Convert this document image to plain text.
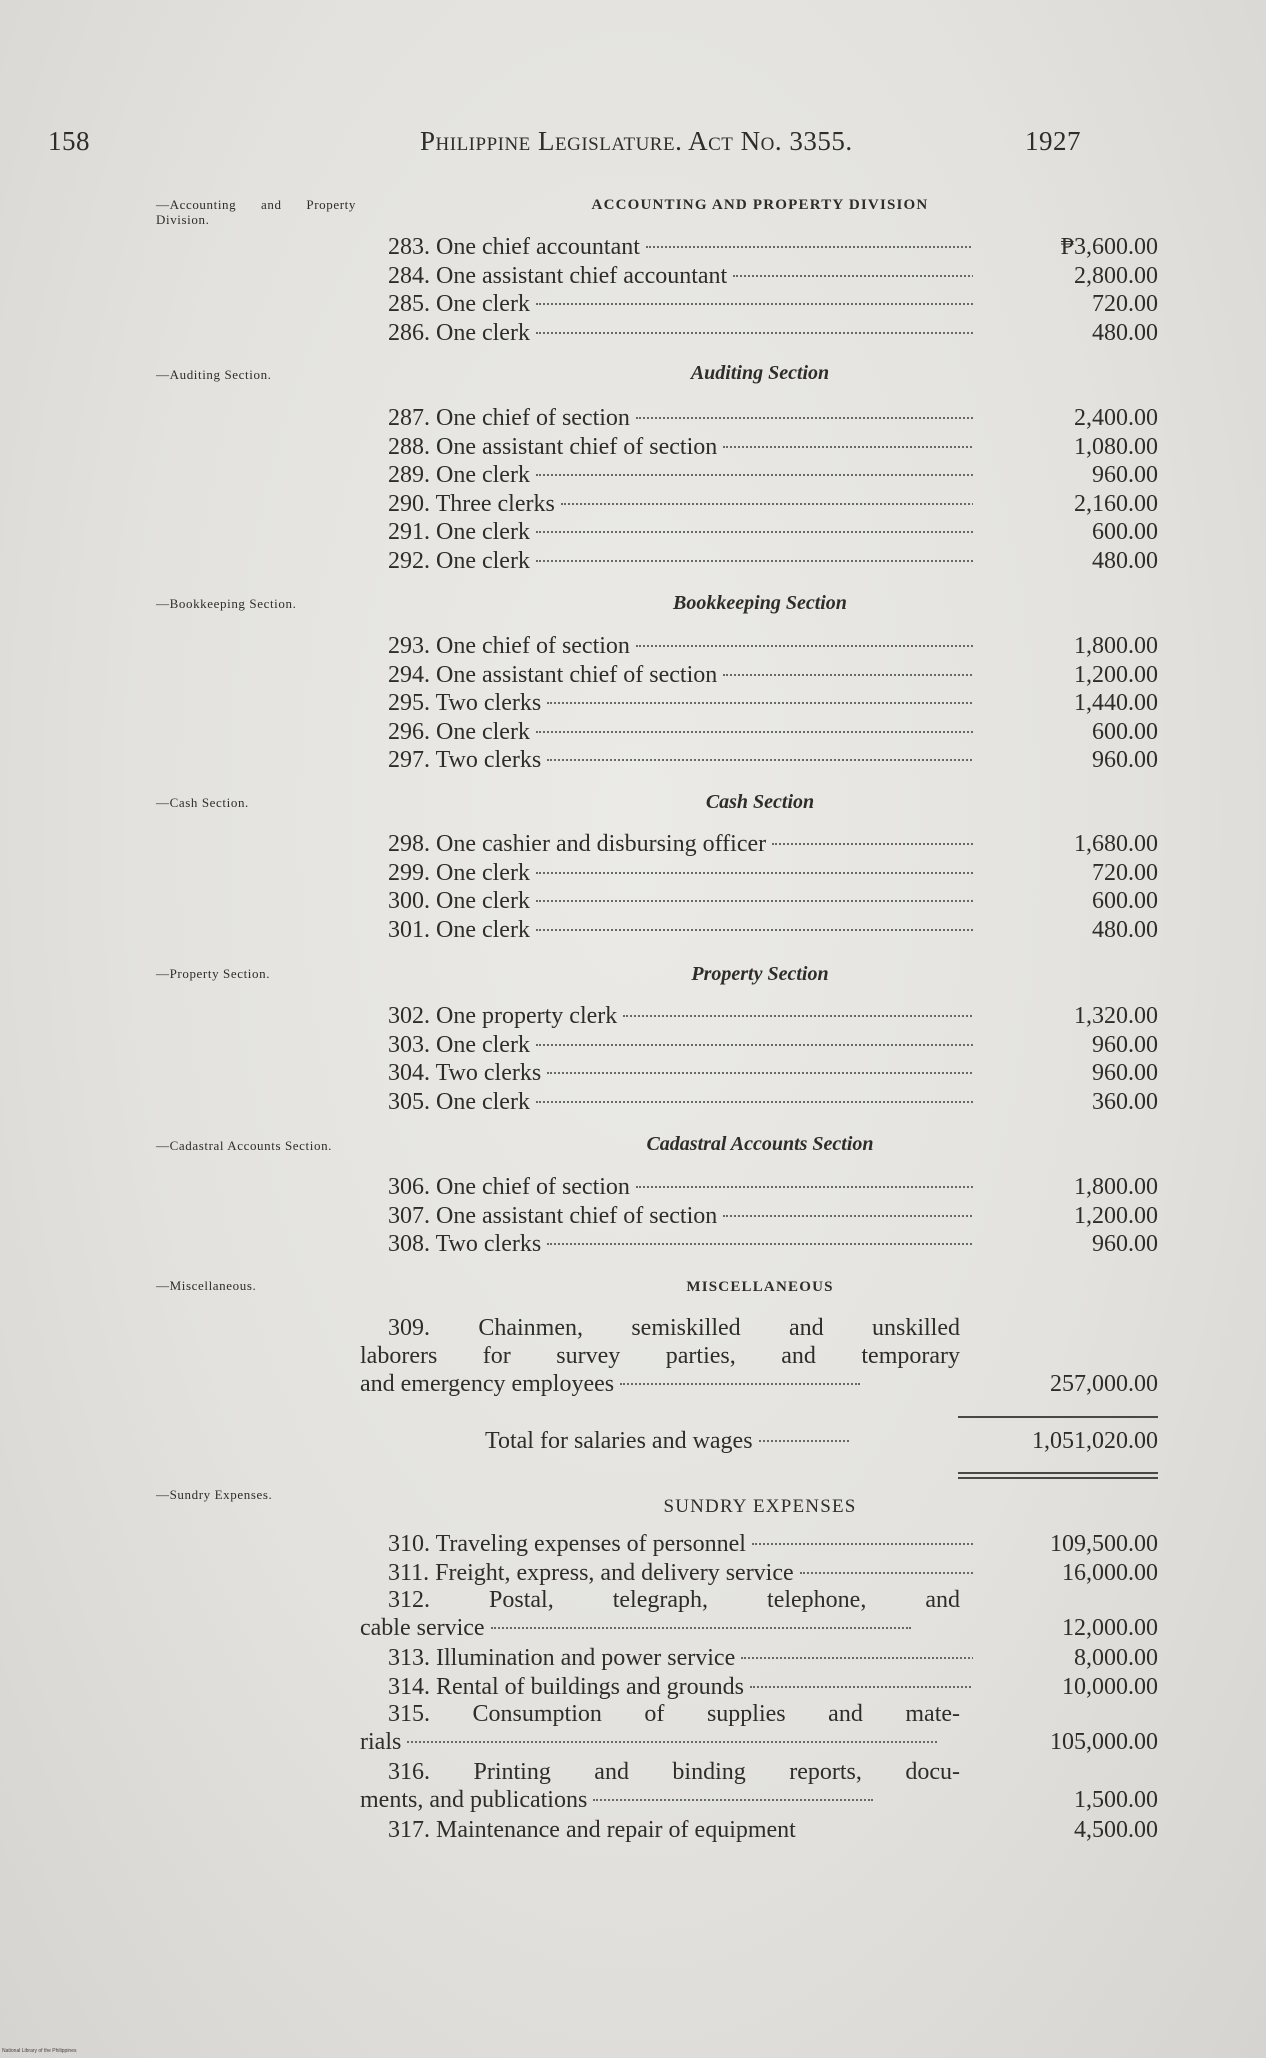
158	Philippine Legislature. Act No. 3355.	1927
—Accounting and Property Division.
—Auditing Section.
—Bookkeeping Section.
—Cash Section.
—Property Section.
—Cadastral Accounts Section.
—Miscellaneous.
—Sundry Expenses.
ACCOUNTING AND PROPERTY DIVISION
283. One chief accountant	₱3,600.00
284. One assistant chief accountant	2,800.00
285. One clerk	720.00
286. One clerk	480.00
Auditing Section
287. One chief of section	2,400.00
288. One assistant chief of section	1,080.00
289. One clerk	960.00
290. Three clerks	2,160.00
291. One clerk	600.00
292. One clerk	480.00
Bookkeeping Section
293. One chief of section	1,800.00
294. One assistant chief of section	1,200.00
295. Two clerks	1,440.00
296. One clerk	600.00
297. Two clerks	960.00
Cash Section
298. One cashier and disbursing officer	1,680.00
299. One clerk	720.00
300. One clerk	600.00
301. One clerk	480.00
Property Section
302. One property clerk	1,320.00
303. One clerk	960.00
304. Two clerks	960.00
305. One clerk	360.00
Cadastral Accounts Section
306. One chief of section	1,800.00
307. One assistant chief of section	1,200.00
308. Two clerks	960.00
MISCELLANEOUS
309. Chainmen, semiskilled and unskilled
laborers for survey parties, and temporary
and emergency employees	257,000.00
Total for salaries and wages	1,051,020.00
SUNDRY EXPENSES
310. Traveling expenses of personnel	109,500.00
311. Freight, express, and delivery service	16,000.00
312. Postal, telegraph, telephone, and
cable service	12,000.00
313. Illumination and power service	8,000.00
314. Rental of buildings and grounds	10,000.00
315. Consumption of supplies and mate-
rials	105,000.00
316. Printing and binding reports, docu-
ments, and publications	1,500.00
317. Maintenance and repair of equipment	4,500.00
National Library of the Philippines
